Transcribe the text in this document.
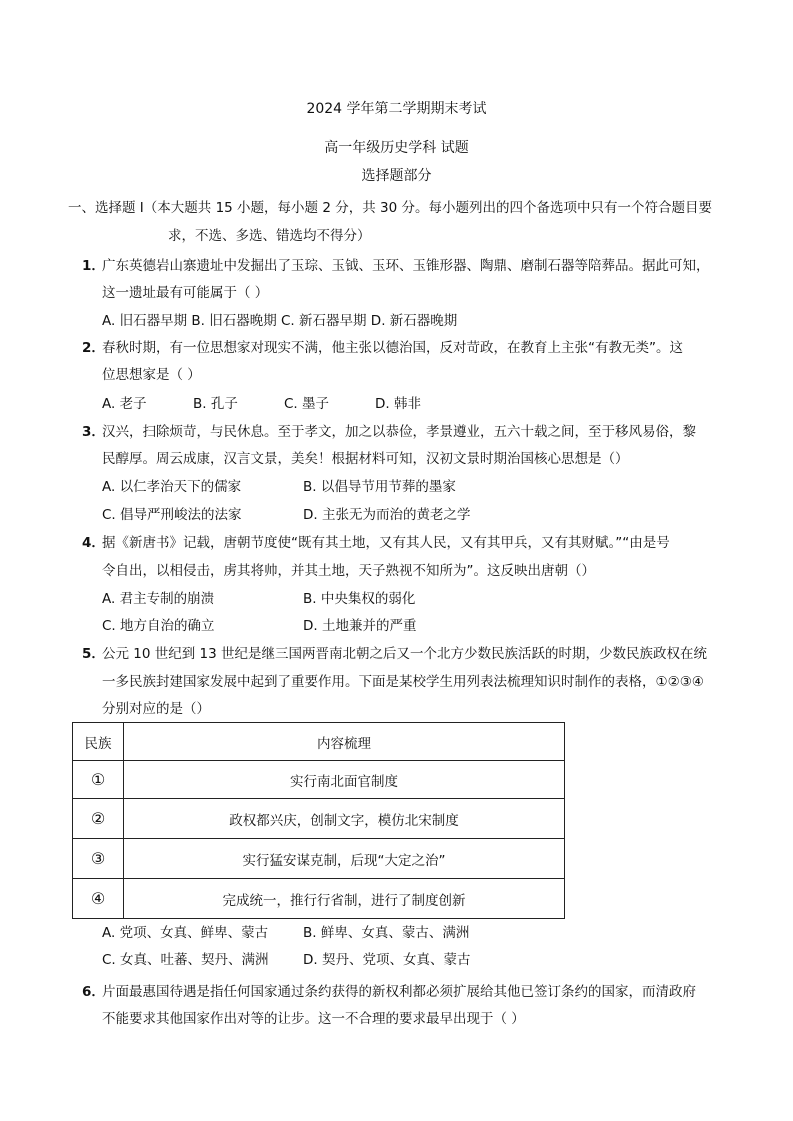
2024 学年第二学期期末考试
高一年级历史学科 试题
选择题部分
一、选择题 I（本大题共 15 小题，每小题 2 分，共 30 分。每小题列出的四个备选项中只有一个符合题目要
求，不选、多选、错选均不得分）
1．
广东英德岩山寨遗址中发掘出了玉琮、玉钺、玉环、玉锥形器、陶鼎、磨制石器等陪葬品。据此可知，
这一遗址最有可能属于（ ）
A. 旧石器早期 B. 旧石器晚期 C. 新石器早期 D. 新石器晚期
2．
春秋时期，有一位思想家对现实不满，他主张以德治国，反对苛政，在教育上主张“有教无类”。这
位思想家是（ ）
A. 老子	B. 孔子	C. 墨子	D. 韩非
3．
汉兴，扫除烦苛，与民休息。至于孝文，加之以恭俭，孝景遵业，五六十载之间，至于移风易俗，黎
民醇厚。周云成康，汉言文景，美矣！根据材料可知，汉初文景时期治国核心思想是（）
A. 以仁孝治天下的儒家	B. 以倡导节用节葬的墨家
C. 倡导严刑峻法的法家	D. 主张无为而治的黄老之学
4．
据《新唐书》记载，唐朝节度使“既有其土地，又有其人民，又有其甲兵，又有其财赋。”“由是号
令自出，以相侵击，虏其将帅，并其土地，天子熟视不知所为”。这反映出唐朝（）
A. 君主专制的崩溃	B. 中央集权的弱化
C. 地方自治的确立	D. 土地兼并的严重
5．
公元 10 世纪到 13 世纪是继三国两晋南北朝之后又一个北方少数民族活跃的时期，少数民族政权在统
一多民族封建国家发展中起到了重要作用。下面是某校学生用列表法梳理知识时制作的表格，①②③④
分别对应的是（）
民族	内容梳理
①	实行南北面官制度
②	政权都兴庆，创制文字，模仿北宋制度
③	实行猛安谋克制，后现“大定之治”
④	完成统一，推行行省制，进行了制度创新
A. 党项、女真、鲜卑、蒙古	B. 鲜卑、女真、蒙古、满洲
C. 女真、吐蕃、契丹、满洲	D. 契丹、党项、女真、蒙古
6．
片面最惠国待遇是指任何国家通过条约获得的新权利都必须扩展给其他已签订条约的国家，而清政府
不能要求其他国家作出对等的让步。这一不合理的要求最早出现于（ ）
